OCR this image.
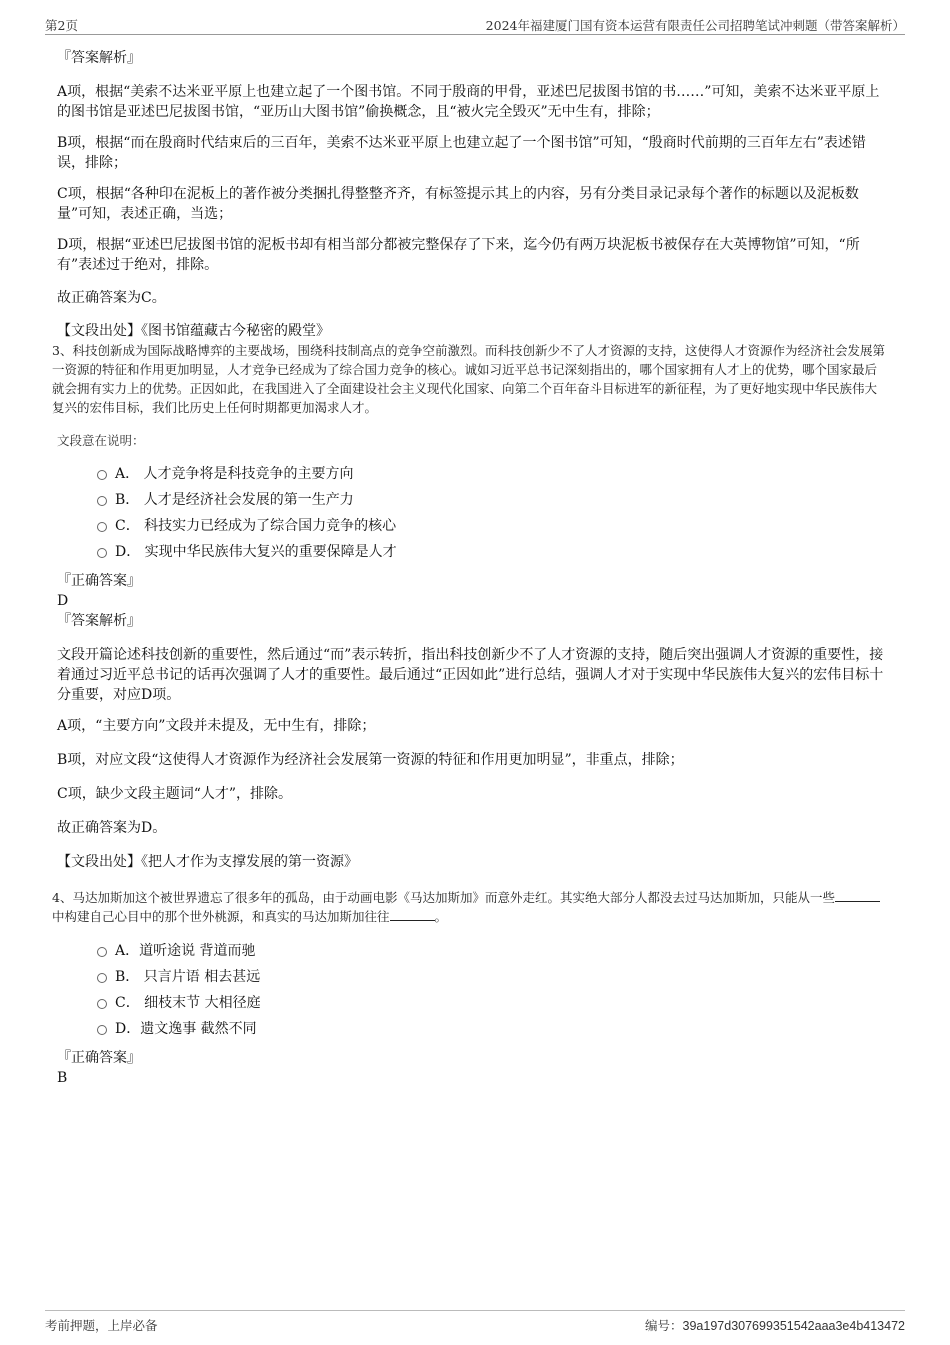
第2页	2024年福建厦门国有资本运营有限责任公司招聘笔试冲刺题（带答案解析）

『答案解析』

A项，根据“美索不达米亚平原上也建立起了一个图书馆。不同于殷商的甲骨，亚述巴尼拔图书馆的书……”可知，美索不达米亚平原上的图书馆是亚述巴尼拔图书馆，“亚历山大图书馆”偷换概念，且“被火完全毁灭”无中生有，排除；

B项，根据“而在殷商时代结束后的三百年，美索不达米亚平原上也建立起了一个图书馆”可知，“殷商时代前期的三百年左右”表述错误，排除；

C项，根据“各种印在泥板上的著作被分类捆扎得整整齐齐，有标签提示其上的内容，另有分类目录记录每个著作的标题以及泥板数量”可知，表述正确，当选；

D项，根据“亚述巴尼拔图书馆的泥板书却有相当部分都被完整保存了下来，迄今仍有两万块泥板书被保存在大英博物馆”可知，“所有”表述过于绝对，排除。

故正确答案为C。

【文段出处】《图书馆蕴藏古今秘密的殿堂》

3、科技创新成为国际战略博弈的主要战场，围绕科技制高点的竞争空前激烈。而科技创新少不了人才资源的支持，这使得人才资源作为经济社会发展第一资源的特征和作用更加明显，人才竞争已经成为了综合国力竞争的核心。诚如习近平总书记深刻指出的，哪个国家拥有人才上的优势，哪个国家最后就会拥有实力上的优势。正因如此，在我国进入了全面建设社会主义现代化国家、向第二个百年奋斗目标进军的新征程，为了更好地实现中华民族伟大复兴的宏伟目标，我们比历史上任何时期都更加渴求人才。

文段意在说明：

A． 人才竞争将是科技竞争的主要方向
B． 人才是经济社会发展的第一生产力
C． 科技实力已经成为了综合国力竞争的核心
D． 实现中华民族伟大复兴的重要保障是人才

『正确答案』

D

『答案解析』

文段开篇论述科技创新的重要性，然后通过“而”表示转折，指出科技创新少不了人才资源的支持，随后突出强调人才资源的重要性，接着通过习近平总书记的话再次强调了人才的重要性。最后通过“正因如此”进行总结，强调人才对于实现中华民族伟大复兴的宏伟目标十分重要，对应D项。

A项，“主要方向”文段并未提及，无中生有，排除；

B项，对应文段“这使得人才资源作为经济社会发展第一资源的特征和作用更加明显”，非重点，排除；

C项，缺少文段主题词“人才”，排除。

故正确答案为D。

【文段出处】《把人才作为支撑发展的第一资源》

4、马达加斯加这个被世界遗忘了很多年的孤岛，由于动画电影《马达加斯加》而意外走红。其实绝大部分人都没去过马达加斯加，只能从一些中构建自己心目中的那个世外桃源，和真实的马达加斯加往往	。

A．道听途说 背道而驰
B． 只言片语 相去甚远
C． 细枝末节 大相径庭
D．遗文逸事 截然不同

『正确答案』

B

考前押题，上岸必备	编号：39a197d307699351542aaa3e4b413472
